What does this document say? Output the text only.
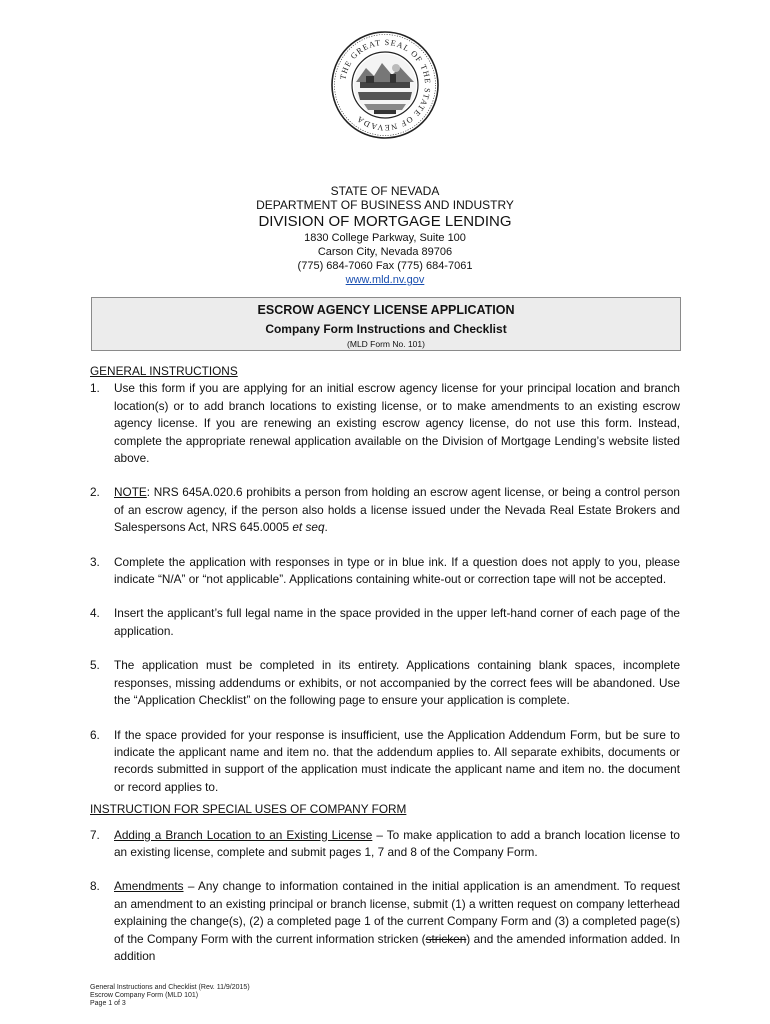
THE GREAT SEAL OF THE STATE OF NEVADA
STATE OF NEVADA
DEPARTMENT OF BUSINESS AND INDUSTRY
DIVISION OF MORTGAGE LENDING
1830 College Parkway, Suite 100
Carson City, Nevada 89706
(775) 684-7060 Fax (775) 684-7061
www.mld.nv.gov
ESCROW AGENCY LICENSE APPLICATION
Company Form Instructions and Checklist
(MLD Form No. 101)
GENERAL INSTRUCTIONS
1.	Use this form if you are applying for an initial escrow agency license for your principal location and branch location(s) or to add branch locations to existing license, or to make amendments to an existing escrow agency license. If you are renewing an existing escrow agency license, do not use this form. Instead, complete the appropriate renewal application available on the Division of Mortgage Lending’s website listed above.
2.	NOTE: NRS 645A.020.6 prohibits a person from holding an escrow agent license, or being a control person of an escrow agency, if the person also holds a license issued under the Nevada Real Estate Brokers and Salespersons Act, NRS 645.0005 et seq.
3.	Complete the application with responses in type or in blue ink. If a question does not apply to you, please indicate “N/A” or “not applicable”. Applications containing white-out or correction tape will not be accepted.
4.	Insert the applicant’s full legal name in the space provided in the upper left-hand corner of each page of the application.
5.	The application must be completed in its entirety. Applications containing blank spaces, incomplete responses, missing addendums or exhibits, or not accompanied by the correct fees will be abandoned. Use the “Application Checklist” on the following page to ensure your application is complete.
6.	If the space provided for your response is insufficient, use the Application Addendum Form, but be sure to indicate the applicant name and item no. that the addendum applies to. All separate exhibits, documents or records submitted in support of the application must indicate the applicant name and item no. the document or record applies to.
INSTRUCTION FOR SPECIAL USES OF COMPANY FORM
7.	Adding a Branch Location to an Existing License – To make application to add a branch location license to an existing license, complete and submit pages 1, 7 and 8 of the Company Form.
8.	Amendments – Any change to information contained in the initial application is an amendment. To request an amendment to an existing principal or branch license, submit (1) a written request on company letterhead explaining the change(s), (2) a completed page 1 of the current Company Form and (3) a completed page(s) of the Company Form with the current information stricken (stricken) and the amended information added. In addition
General Instructions and Checklist (Rev. 11/9/2015)
Escrow Company Form (MLD 101)
Page 1 of 3
